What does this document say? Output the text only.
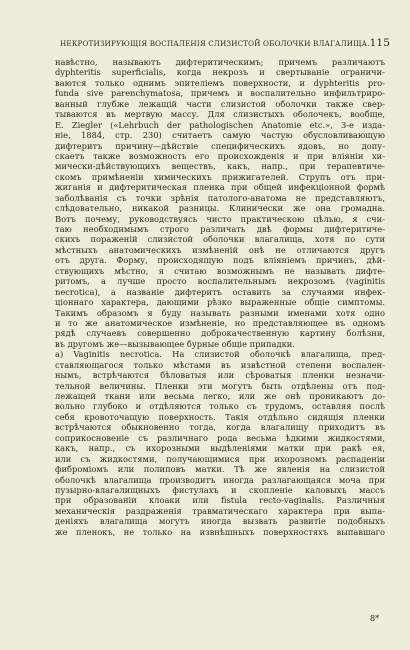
НЕКРОТИЗИРУЮЩІЯ ВОСПАЛЕНІЯ СЛИЗИСТОЙ ОБОЛОЧКИ ВЛАГАЛИЩА. 115
навѣстно, называютъ дифтеритическимъ; причемъ различаютъ
dyphteritis superficialis, когда некрозъ и свертываніе ограничи-
ваются только однимъ эпителіемъ поверхности, и dyphteritis pro-
funda sive parenchymatosa, причемъ и воспалительно инфильтриро-
ванный глубже лежащій части слизистой оболочки также свер-
тываются въ мертвую массу. Для слизистыхъ оболочекъ, вообще,
E. Ziegler («Lehrbuch der pathologischen Anatomie etc.», 3-е изда-
ніе, 1884, стр. 230) считаетъ самую частую обусловливающую
дифтеритъ причину—дѣйствіе специфическихъ ядовъ, но допу-
скаетъ также возможность его происхожденія и при вліяніи хи-
мически-дѣйствующихъ веществъ, какъ, напр., при терапевтиче-
скомъ примѣненіи химическихъ прижигателей. Струпъ отъ при-
жиганія и дифтеритическая пленка при общей инфекціонной формѣ
заболѣванія съ точки зрѣнія патолого-анатома не представляютъ,
слѣдовательно, никакой разницы. Клинически же она громадна.
Вотъ почему, руководствуясь чисто практическою цѣлью, я счи-
таю необходимымъ строго различать двѣ формы дифтеритиче-
скихъ пораженій слизистой оболочки влагалища, хотя по сути
мѣстныхъ анатомическихъ измѣненій онѣ не отличаются другъ
отъ друга. Форму, происходящую подъ вліяніемъ причинъ, дѣй-
ствующихъ мѣстно, я считаю возможнымъ не называть дифте-
ритомъ, а лучше просто воспалительнымъ некрозомъ (vaginitis
necrotica), а названіе дифтеритъ оставить за случаями инфек-
ціоннаго характера, дающими рѣзко выраженные общіе симптомы.
Такимъ образомъ я буду называть разными именами хотя одно
и то же анатомическое измѣненіе, но представляющее въ одномъ
рядѣ случаевъ совершенно доброкачественную картину болѣзни,
въ другомъ же—вызывающее бурные общіе припадки.
a) Vaginitis necrotica. На слизистой оболочкѣ влагалища, пред-
ставляющагося только мѣстами въ извѣстной степени воспален-
нымъ, встрѣчаются бѣловатыя или сѣроватыя пленки незначи-
тельной величины. Пленки эти могутъ быть отдѣлены отъ под-
лежащей ткани или весьма легко, или же онѣ проникаютъ до-
вольно глубоко и отдѣляются только съ трудомъ, оставляя послѣ
себя кровоточащую поверхность. Такія отдѣльно сидящія пленки
встрѣчаются обыкновенно тогда, когда влагалищу приходитъ въ
соприкосновеніе съ различнаго рода весьма ѣдкими жидкостями,
какъ, напр., съ ихорозными выдѣленіями матки при ракѣ ея,
или съ жидкостями, получающимися при ихорозномъ распаденіи
фиброміомъ или полиповъ матки. Тѣ же явленія на слизистой
оболочкѣ влагалища производитъ иногда разлагающаяся моча при
пузырно-влагалищныхъ фистулахъ и скопленіе каловыхъ массъ
при образованіи клоаки или fistula recto-vaginalis. Различныя
механическія раздраженія травматическаго характера при выпа-
деніяхъ влагалища могутъ иногда вызвать развитіе подобныхъ
же пленокъ, не только на извнѣшныхъ поверхностяхъ выпавшаго
8*
